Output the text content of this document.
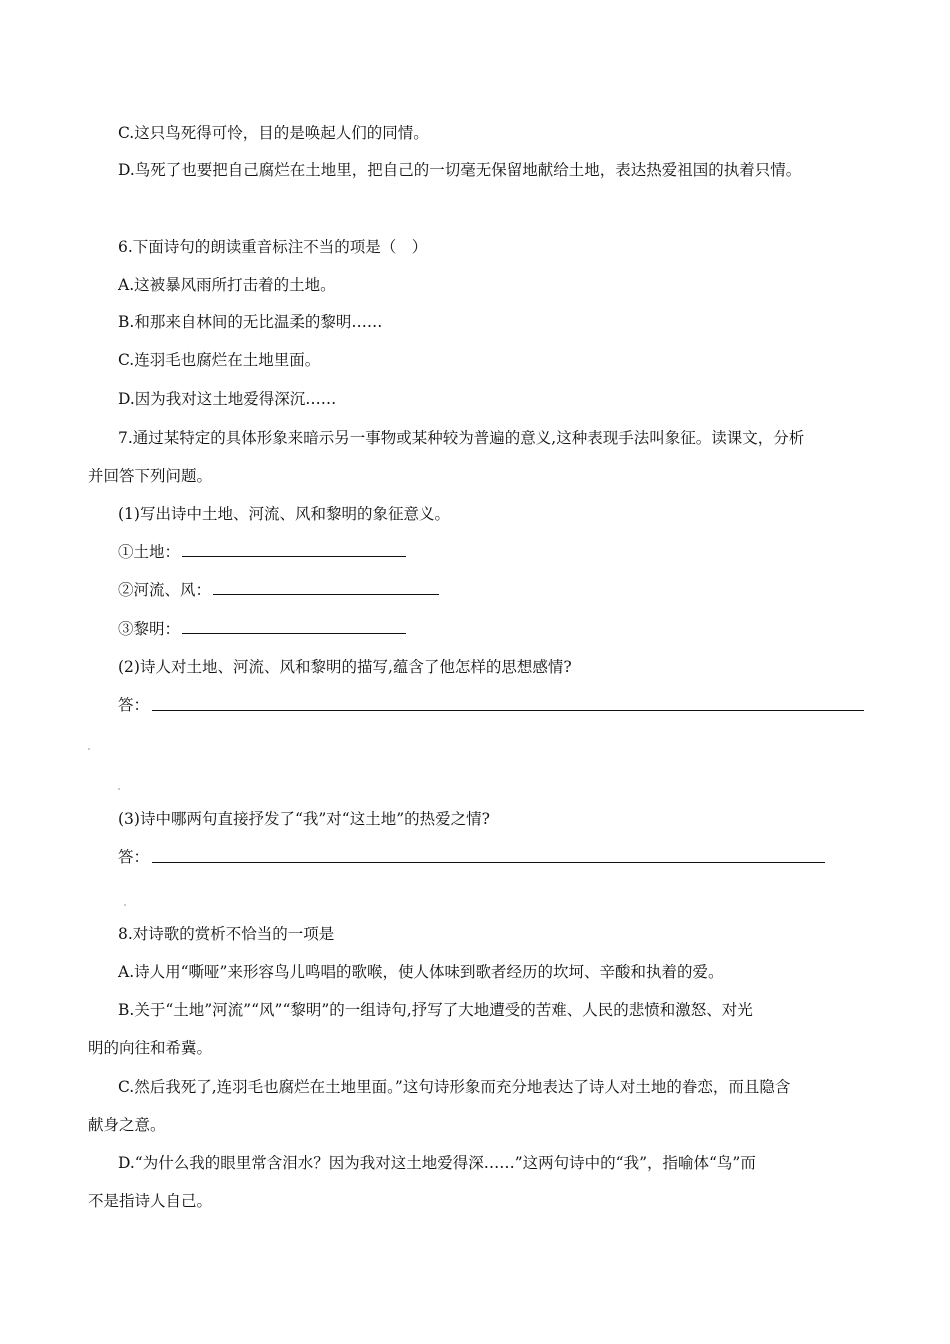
C.这只鸟死得可怜，目的是唤起人们的同情。
D.鸟死了也要把自己腐烂在土地里，把自己的一切毫无保留地献给土地，表达热爱祖国的执着只情。
6.下面诗句的朗读重音标注不当的项是（　）
A.这被暴风雨所打击着的土地。
B.和那来自林间的无比温柔的黎明……
C.连羽毛也腐烂在土地里面。
D.因为我对这土地爱得深沉……
7.通过某特定的具体形象来暗示另一事物或某种较为普遍的意义,这种表现手法叫象征。读课文，分析
并回答下列问题。
(1)写出诗中土地、河流、风和黎明的象征意义。
①土地：
②河流、风：
③黎明：
(2)诗人对土地、河流、风和黎明的描写,蕴含了他怎样的思想感情?
答：
(3)诗中哪两句直接抒发了“我”对“这土地”的热爱之情?
答：
8.对诗歌的赏析不恰当的一项是
A.诗人用“嘶哑”来形容鸟儿鸣唱的歌喉，使人体味到歌者经历的坎坷、辛酸和执着的爱。
B.关于“土地”河流”“风”“黎明”的一组诗句,抒写了大地遭受的苦难、人民的悲愤和激怒、对光
明的向往和希冀。
C.然后我死了,连羽毛也腐烂在土地里面。”这句诗形象而充分地表达了诗人对土地的眷恋，而且隐含
献身之意。
D.“为什么我的眼里常含泪水？因为我对这土地爱得深……”这两句诗中的“我”，指喻体“鸟”而
不是指诗人自己。
